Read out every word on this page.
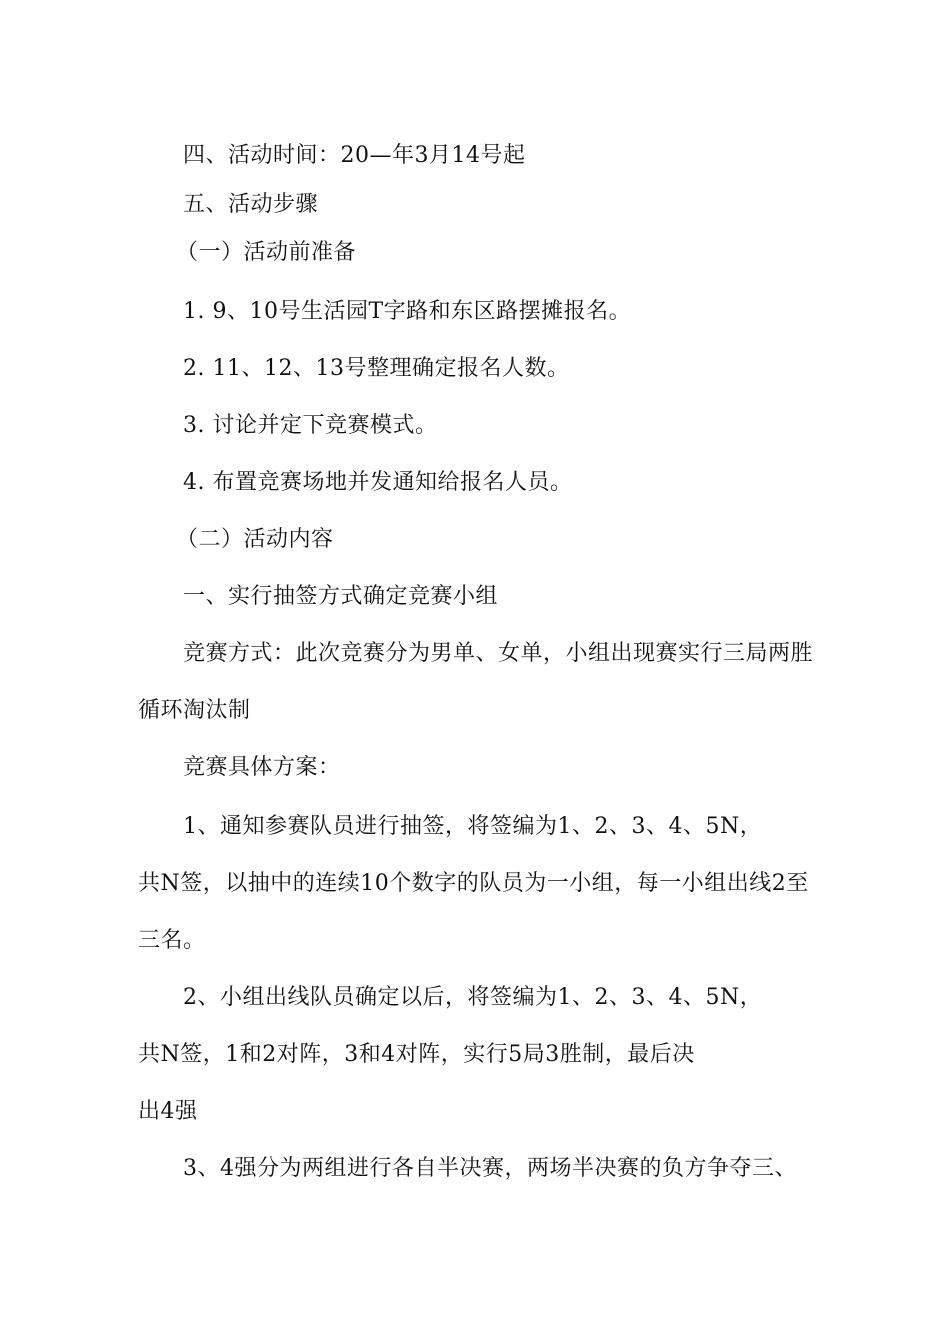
四、活动时间：20—年3月14号起
五、活动步骤
（一）活动前准备
1. 9、10号生活园T字路和东区路摆摊报名。
2. 11、12、13号整理确定报名人数。
3. 讨论并定下竞赛模式。
4. 布置竞赛场地并发通知给报名人员。
（二）活动内容
一、实行抽签方式确定竞赛小组
竞赛方式：此次竞赛分为男单、女单，小组出现赛实行三局两胜
循环淘汰制
竞赛具体方案：
1、通知参赛队员进行抽签，将签编为1、2、3、4、5N，
共N签，以抽中的连续10个数字的队员为一小组，每一小组出线2至
三名。
2、小组出线队员确定以后，将签编为1、2、3、4、5N，
共N签，1和2对阵，3和4对阵，实行5局3胜制，最后决
出4强
3、4强分为两组进行各自半决赛，两场半决赛的负方争夺三、
